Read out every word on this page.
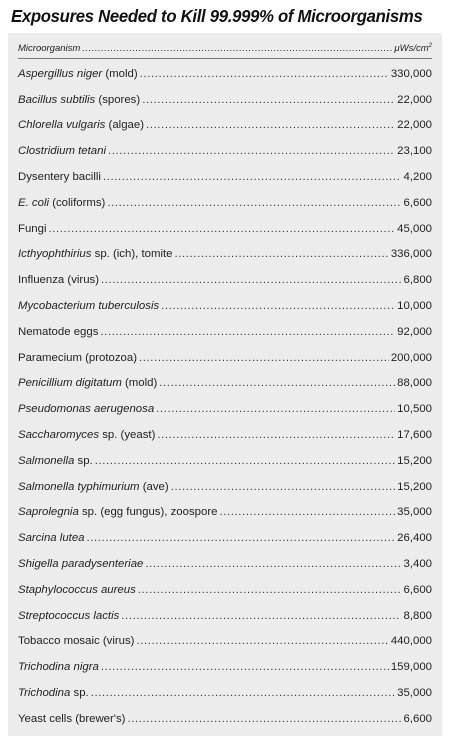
Exposures Needed to Kill 99.999% of Microorganisms
Microorganism .....	μWs/$cm^2$
Aspergillus niger (mold) .....	330,000
Bacillus subtilis (spores) .....	22,000
Chlorella vulgaris (algae) .....	22,000
Clostridium tetani .....	23,100
Dysentery bacilli .....	4,200
E. coli (coliforms) .....	6,600
Fungi .....	45,000
Icthyophthirius sp. (ich), tomite .....	336,000
Influenza (virus) .....	6,800
Mycobacterium tuberculosis .....	10,000
Nematode eggs .....	92,000
Paramecium (protozoa) .....	200,000
Penicillium digitatum (mold) .....	88,000
Pseudomonas aerugenosa .....	10,500
Saccharomyces sp. (yeast) .....	17,600
Salmonella sp. .....	15,200
Salmonella typhimurium (ave) .....	15,200
Saprolegnia sp. (egg fungus), zoospore .....	35,000
Sarcina lutea .....	26,400
Shigella paradysenteriae .....	3,400
Staphylococcus aureus .....	6,600
Streptococcus lactis .....	8,800
Tobacco mosaic (virus) .....	440,000
Trichodina nigra .....	159,000
Trichodina sp. .....	35,000
Yeast cells (brewer's) .....	6,600
